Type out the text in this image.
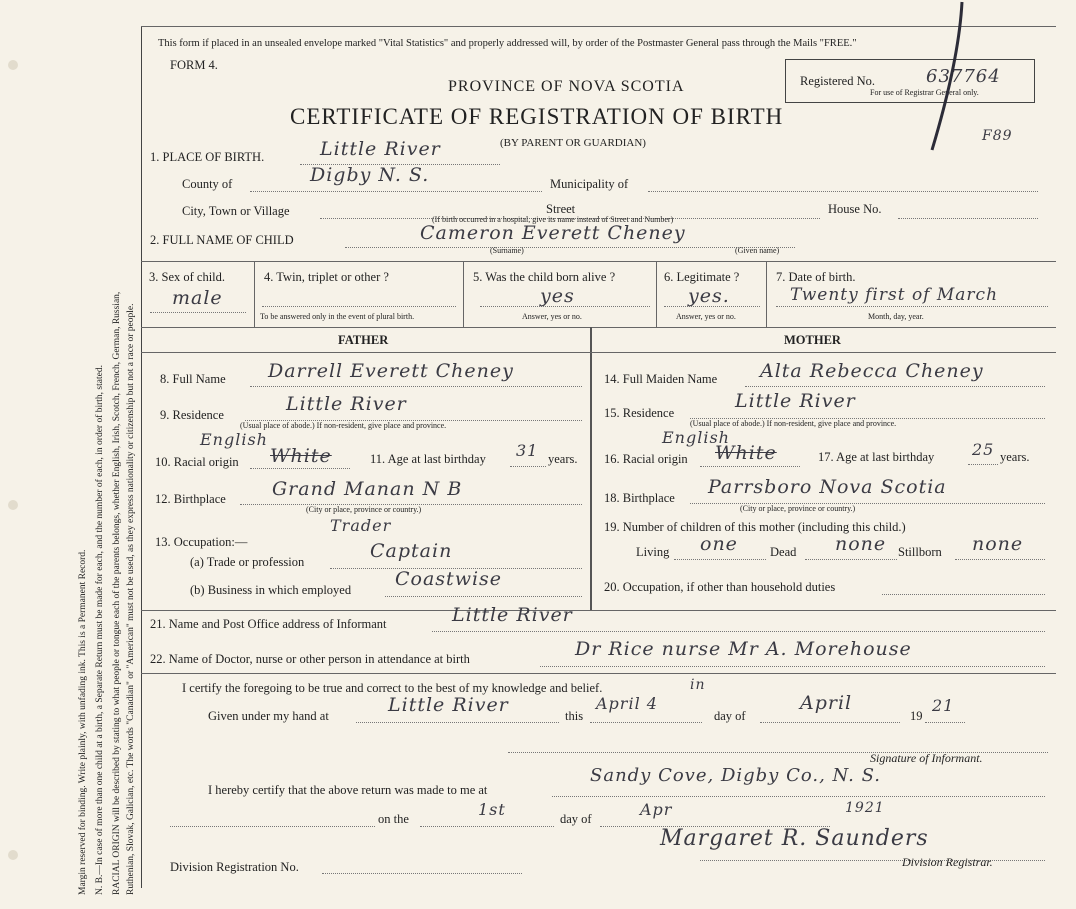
Margin reserved for binding. Write plainly, with unfading ink. This is a Permanent Record. N. B.—In case of more than one child at a birth, a Separate Return must be made for each, and the number of each, in order of birth, stated. RACIAL ORIGIN will be described by stating to what people or tongue each of the parents belongs, whether English, Irish, Scotch, French, German, Russian, Ruthenian, Slovak, Galician, etc. The words "Canadian" or "American" must not be used, as they express nationality or citizenship but not a race or people.
This form if placed in an unsealed envelope marked "Vital Statistics" and properly addressed will, by order of the Postmaster General pass through the Mails "FREE."
FORM 4.
PROVINCE OF NOVA SCOTIA
CERTIFICATE OF REGISTRATION OF BIRTH
(BY PARENT OR GUARDIAN)
Registered No.	637764
For use of Registrar General only.
F89
1. PLACE OF BIRTH.	Little River
County of	Digby N. S.	Municipality of
City, Town or Village	Street	House No.
(If birth occurred in a hospital, give its name instead of Street and Number)
2. FULL NAME OF CHILD	Cameron Everett Cheney
(Surname)	(Given name)
3. Sex of child.
male
4. Twin, triplet or other ?
To be answered only in the event of plural birth.
5. Was the child born alive ?
yes
Answer, yes or no.
6. Legitimate ?
yes.
Answer, yes or no.
7. Date of birth.
Twenty first of March
Month, day, year.
FATHER	MOTHER
8. Full Name Darrell Everett Cheney
9. Residence	Little River
(Usual place of abode.) If non-resident, give place and province.
10. Racial origin White
English
11. Age at last birthday 31 years.
12. Birthplace Grand Manan N B
(City or place, province or country.)
13. Occupation:—
Trader
(a) Trade or profession	Captain
(b) Business in which employed Coastwise
14. Full Maiden Name Alta Rebecca Cheney
15. Residence
Little River
(Usual place of abode.) If non-resident, give place and province.
16. Racial origin White
English
17. Age at last birthday 25 years.
18. Birthplace Parrsboro Nova Scotia
(City or place, province or country.)
19. Number of children of this mother (including this child.)
Living one	Dead none Stillborn none
20. Occupation, if other than household duties
21. Name and Post Office address of Informant	Little River
22. Name of Doctor, nurse or other person in attendance at birth	Dr Rice nurse Mr A. Morehouse
I certify the foregoing to be true and correct to the best of my knowledge and belief.
Given under my hand at	Little River	this
April 4
in
day of
April
19
21
Signature of Informant.
I hereby certify that the above return was made to me at
Sandy Cove, Digby Co., N. S.
on the	1st	day of	Apr	1921
Margaret R. Saunders
Division Registrar.
Division Registration No.
